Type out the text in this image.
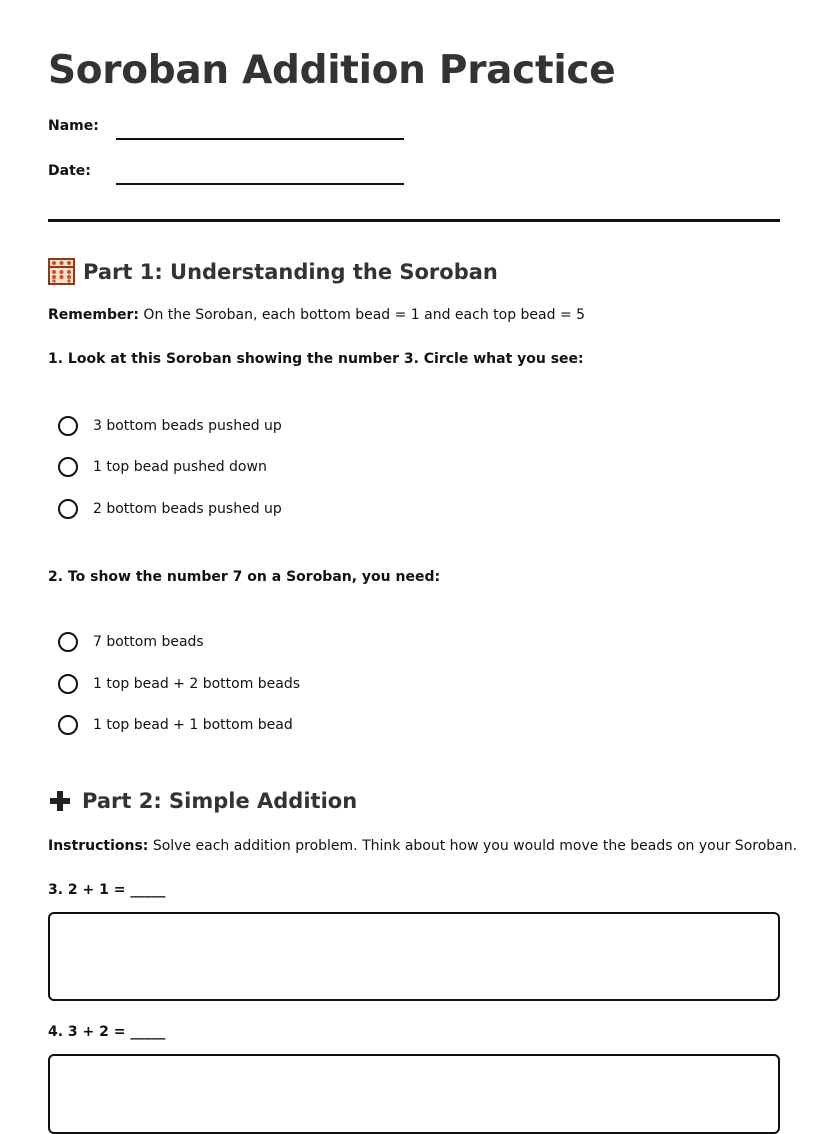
Soroban Addition Practice
Name:
Date:
Part 1: Understanding the Soroban

Remember: On the Soroban, each bottom bead = 1 and each top bead = 5

1. Look at this Soroban showing the number 3. Circle what you see:

3 bottom beads pushed up
1 top bead pushed down
2 bottom beads pushed up

2. To show the number 7 on a Soroban, you need:

7 bottom beads
1 top bead + 2 bottom beads
1 top bead + 1 bottom bead
Part 2: Simple Addition

Instructions: Solve each addition problem. Think about how you would move the beads on your Soroban.

3. 2 + 1 = _____

4. 3 + 2 = _____
